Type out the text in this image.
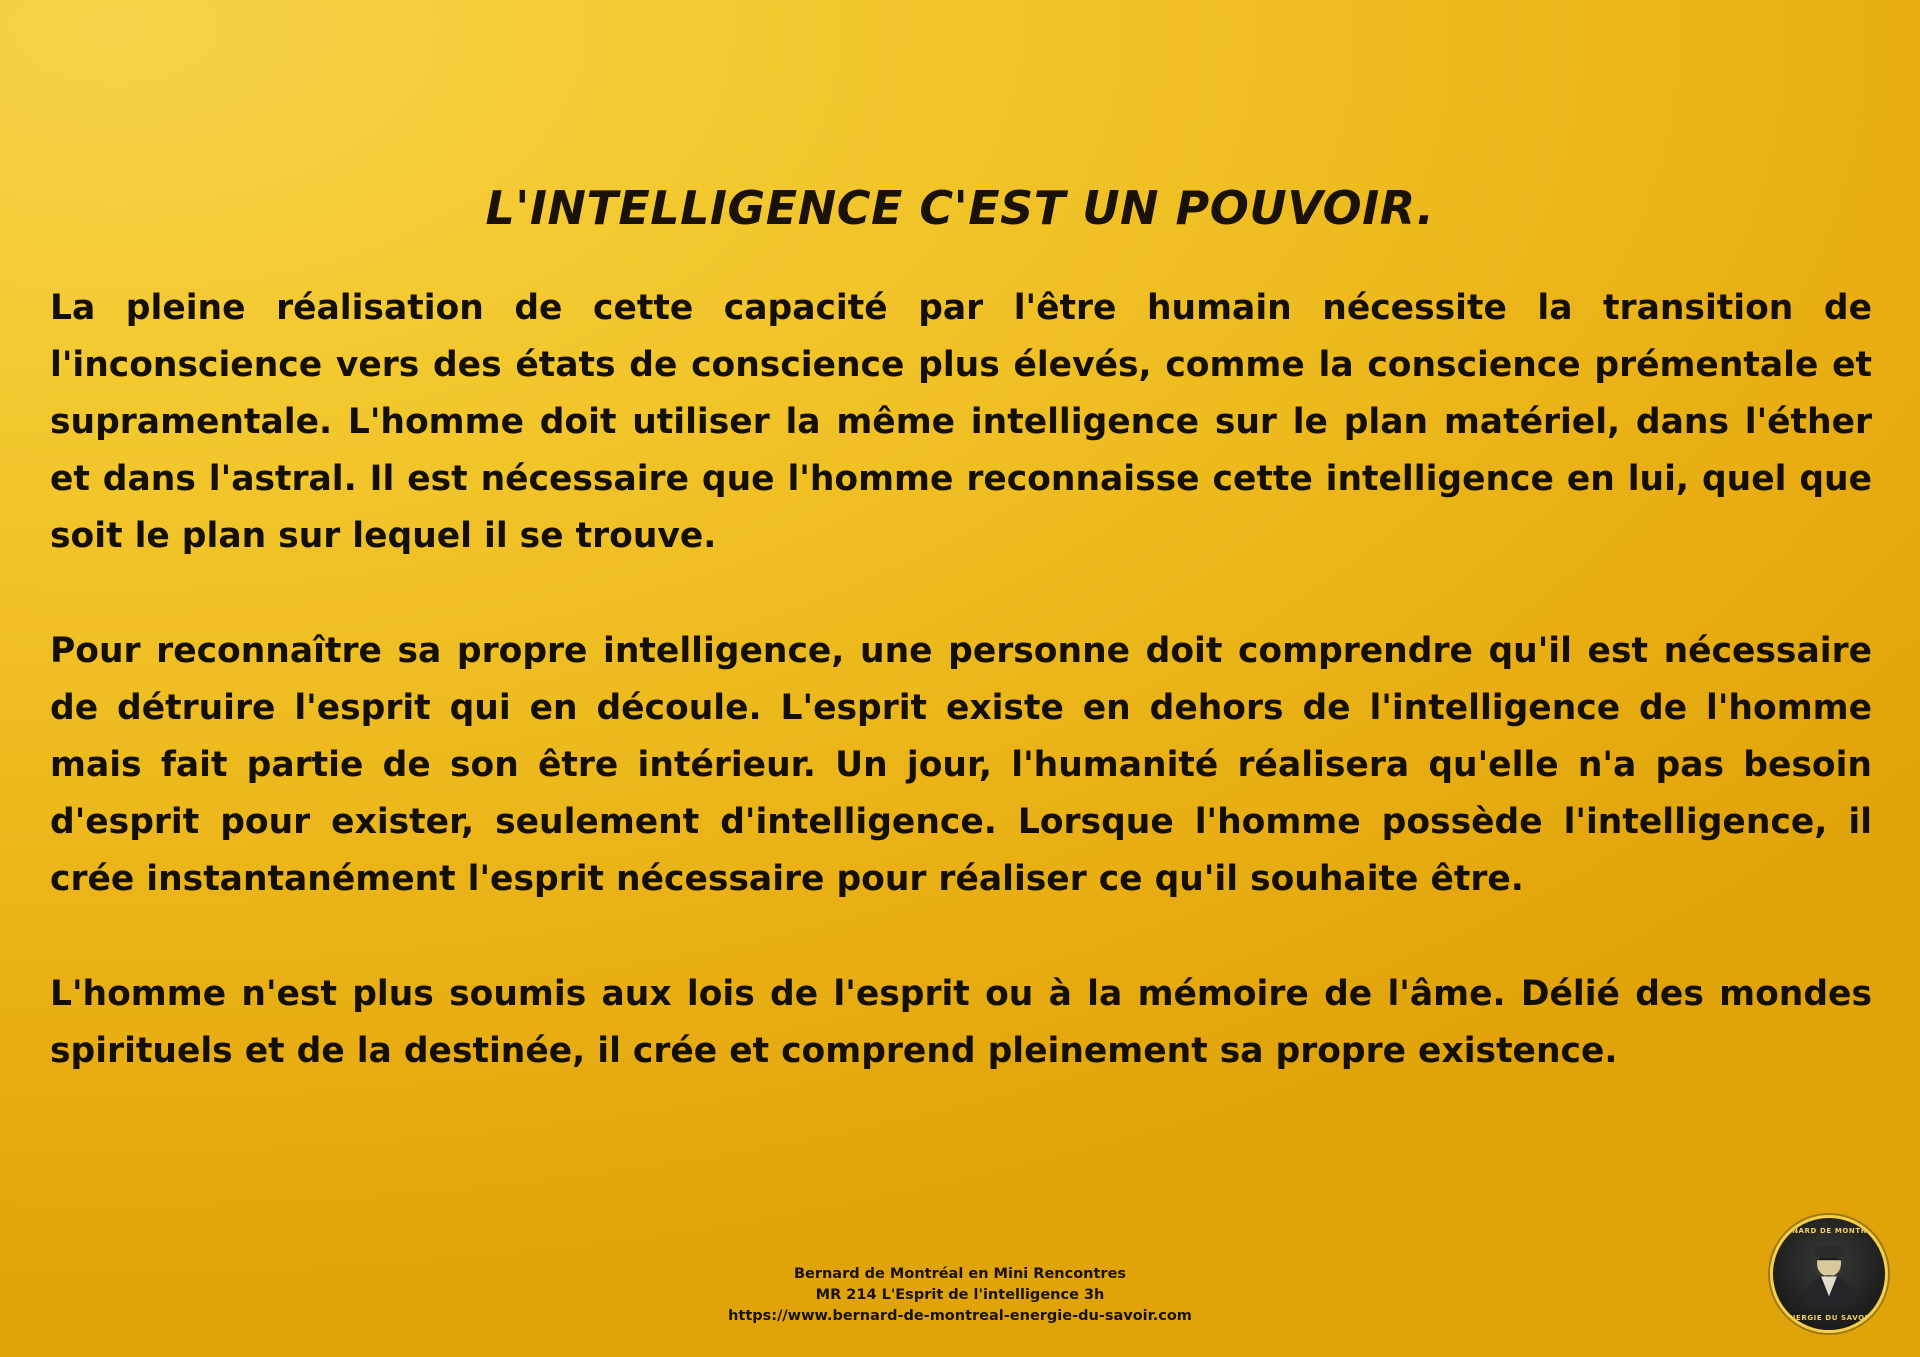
L'INTELLIGENCE C'EST UN POUVOIR.

La pleine réalisation de cette capacité par l'être humain nécessite la transition de l'inconscience vers des états de conscience plus élevés, comme la conscience prémentale et supramentale. L'homme doit utiliser la même intelligence sur le plan matériel, dans l'éther et dans l'astral. Il est nécessaire que l'homme reconnaisse cette intelligence en lui, quel que soit le plan sur lequel il se trouve.

Pour reconnaître sa propre intelligence, une personne doit comprendre qu'il est nécessaire de détruire l'esprit qui en découle. L'esprit existe en dehors de l'intelligence de l'homme mais fait partie de son être intérieur. Un jour, l'humanité réalisera qu'elle n'a pas besoin d'esprit pour exister, seulement d'intelligence. Lorsque l'homme possède l'intelligence, il crée instantanément l'esprit nécessaire pour réaliser ce qu'il souhaite être.

L'homme n'est plus soumis aux lois de l'esprit ou à la mémoire de l'âme. Délié des mondes spirituels et de la destinée, il crée et comprend pleinement sa propre existence.

Bernard de Montréal en Mini Rencontres
MR 214 L'Esprit de l'intelligence 3h
https://www.bernard-de-montreal-energie-du-savoir.com
BERNARD DE MONTRÉAL
ÉNERGIE DU SAVOIR
